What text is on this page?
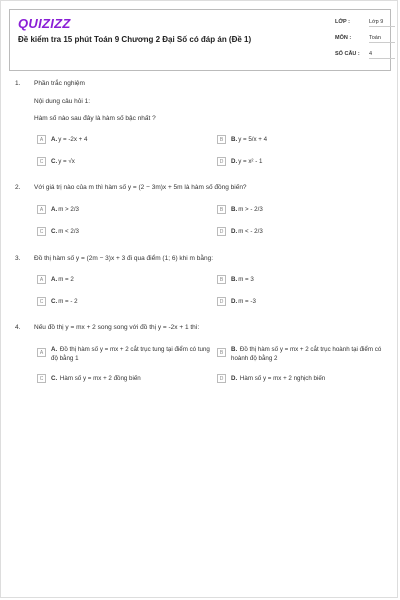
QUIZIZZ
Đề kiểm tra 15 phút Toán 9 Chương 2 Đại Số có đáp án (Đề 1)
LỚP :	Lớp 9
MÔN :	Toán
SỐ CÂU : 4
1. Phần trắc nghiệm
Nội dung câu hỏi 1:
Hàm số nào sau đây là hàm số bậc nhất ?
A	A. y = -2x + 4	B	B. y = 5/x + 4
C	C. y = √x	D	D. y = x² - 1
2. Với giá trị nào của m thì hàm số y = (2 − 3m)x + 5m là hàm số đồng biến?
A	A. m > 2/3	B	B. m > - 2/3
C	C. m < 2/3	D	D. m < - 2/3
3. Đồ thị hàm số y = (2m − 3)x + 3 đi qua điểm (1; 6) khi m bằng:
A	A. m = 2	B	B. m = 3
C	C. m = - 2	D	D. m = -3
4. Nếu đồ thị y = mx + 2 song song với đồ thị y = -2x + 1 thì:
A	A. Đồ thị hàm số y = mx + 2 cắt trục tung tại điểm có tung độ bằng 1
B	B. Đồ thị hàm số y = mx + 2 cắt trục hoành tại điểm có hoành độ bằng 2
C	C.
Hàm số y = mx + 2 đồng biến	D	D.
Hàm số y = mx + 2 nghịch biến
